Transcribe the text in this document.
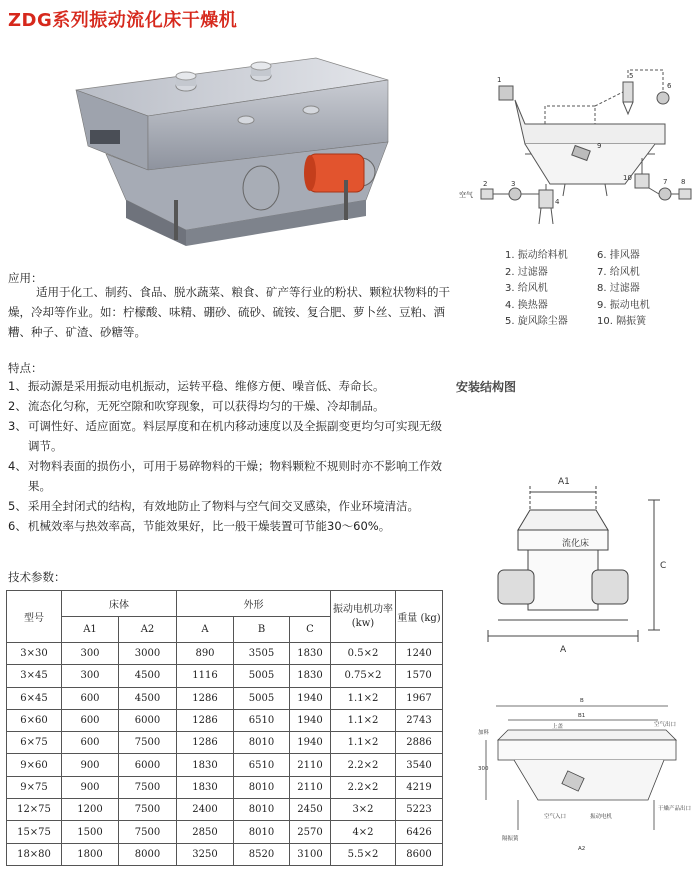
ZDG系列振动流化床干燥机
1
2	3
4
5
6
7 8
9
10
空气
1. 振动给料机	6. 排风器
2. 过滤器	7. 给风机
3. 给风机	8. 过滤器
4. 换热器	9. 振动电机
5. 旋风除尘器	10. 隔振簧
应用：
适用于化工、制药、食品、脱水蔬菜、粮食、矿产等行业的粉状、颗粒状物料的干燥，冷却等作业。如：柠檬酸、味精、硼砂、硫砂、硫铵、复合肥、萝卜丝、豆粕、酒糟、种子、矿渣、砂糖等。
特点：
1、 振动源是采用振动电机振动，运转平稳、维修方便、噪音低、寿命长。
2、 流态化匀称，无死空隙和吹穿现象，可以获得均匀的干燥、冷却制品。
3、 可调性好、适应面宽。料层厚度和在机内移动速度以及全振副变更均匀可实现无级调节。
4、 对物料表面的损伤小，可用于易碎物料的干燥；物料颗粒不规则时亦不影响工作效果。
5、 采用全封闭式的结构，有效地防止了物料与空气间交叉感染，作业环境清洁。
6、 机械效率与热效率高，节能效果好，比一般干燥装置可节能30～60%。
安装结构图
技术参数：
型号	床体		外形			振动电机功率 (kw)	重量 (kg)
	A1	A2	A	B	C		
3×30	300	3000	890	3505	1830	0.5×2	1240
3×45	300	4500	1116	5005	1830	0.75×2	1570
6×45	600	4500	1286	5005	1940	1.1×2	1967
6×60	600	6000	1286	6510	1940	1.1×2	2743
6×75	600	7500	1286	8010	1940	1.1×2	2886
9×60	900	6000	1830	6510	2110	2.2×2	3540
9×75	900	7500	1830	8010	2110	2.2×2	4219
12×75	1200	7500	2400	8010	2450	3×2	5223
15×75	1500	7500	2850	8010	2570	4×2	6426
18×80	1800	8000	3250	8520	3100	5.5×2	8600
A1
A
C
流化床
B
B1
上盖	空气出口
加料
300
干燥产品出口
空气入口	振动电机
隔振簧
A2
